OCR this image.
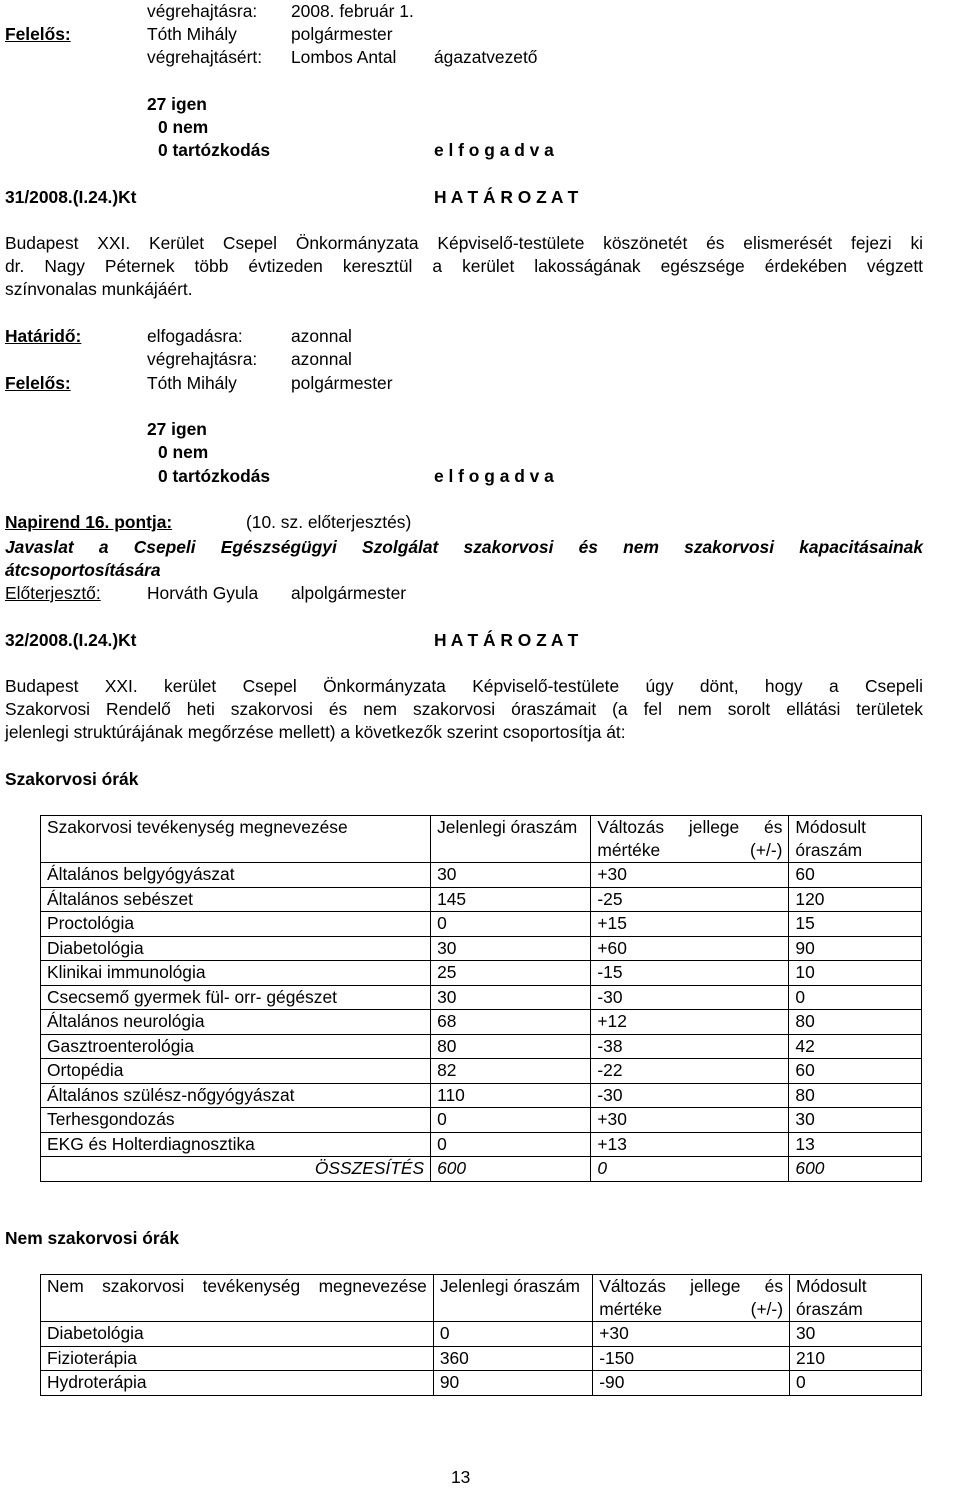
végrehajtásra: 2008. február 1.
Felelős:	Tóth Mihály	polgármester
végrehajtásért: Lombos Antal ágazatvezető
27 igen
0 nem
0 tartózkodás	e l f o g a d v a
31/2008.(I.24.)Kt	H A T Á R O Z A T
Budapest XXI. Kerület Csepel Önkormányzata Képviselő-testülete köszönetét és elismerését fejezi ki
dr. Nagy Péternek több évtizeden keresztül a kerület lakosságának egészsége érdekében végzett
színvonalas munkájáért.
Határidő:	elfogadásra:	azonnal
végrehajtásra: azonnal
Felelős:	Tóth Mihály	polgármester
27 igen
0 nem
0 tartózkodás	e l f o g a d v a
Napirend 16. pontja:	(10. sz. előterjesztés)
Javaslat a Csepeli Egészségügyi Szolgálat szakorvosi és nem szakorvosi kapacitásainak
átcsoportosítására
Előterjesztő:	Horváth Gyula alpolgármester
32/2008.(I.24.)Kt	H A T Á R O Z A T
Budapest XXI. kerület Csepel Önkormányzata Képviselő-testülete úgy dönt, hogy a Csepeli
Szakorvosi Rendelő heti szakorvosi és nem szakorvosi óraszámait (a fel nem sorolt ellátási területek
jelenlegi struktúrájának megőrzése mellett) a következők szerint csoportosítja át:
Szakorvosi órák
Szakorvosi tevékenység megnevezése	Jelenlegi óraszám	Változás jellege és mértéke (+/-)	Módosult óraszám
Általános belgyógyászat	30	+30	60
Általános sebészet	145	-25	120
Proctológia	0	+15	15
Diabetológia	30	+60	90
Klinikai immunológia	25	-15	10
Csecsemő gyermek fül- orr- gégészet	30	-30	0
Általános neurológia	68	+12	80
Gasztroenterológia	80	-38	42
Ortopédia	82	-22	60
Általános szülész-nőgyógyászat	110	-30	80
Terhesgondozás	0	+30	30
EKG és Holterdiagnosztika	0	+13	13
ÖSSZESÍTÉS	600	0	600
Nem szakorvosi órák
Nem szakorvosi tevékenység megnevezése	Jelenlegi óraszám	Változás jellege és mértéke (+/-)	Módosult óraszám
Diabetológia	0	+30	30
Fizioterápia	360	-150	210
Hydroterápia	90	-90	0
13
